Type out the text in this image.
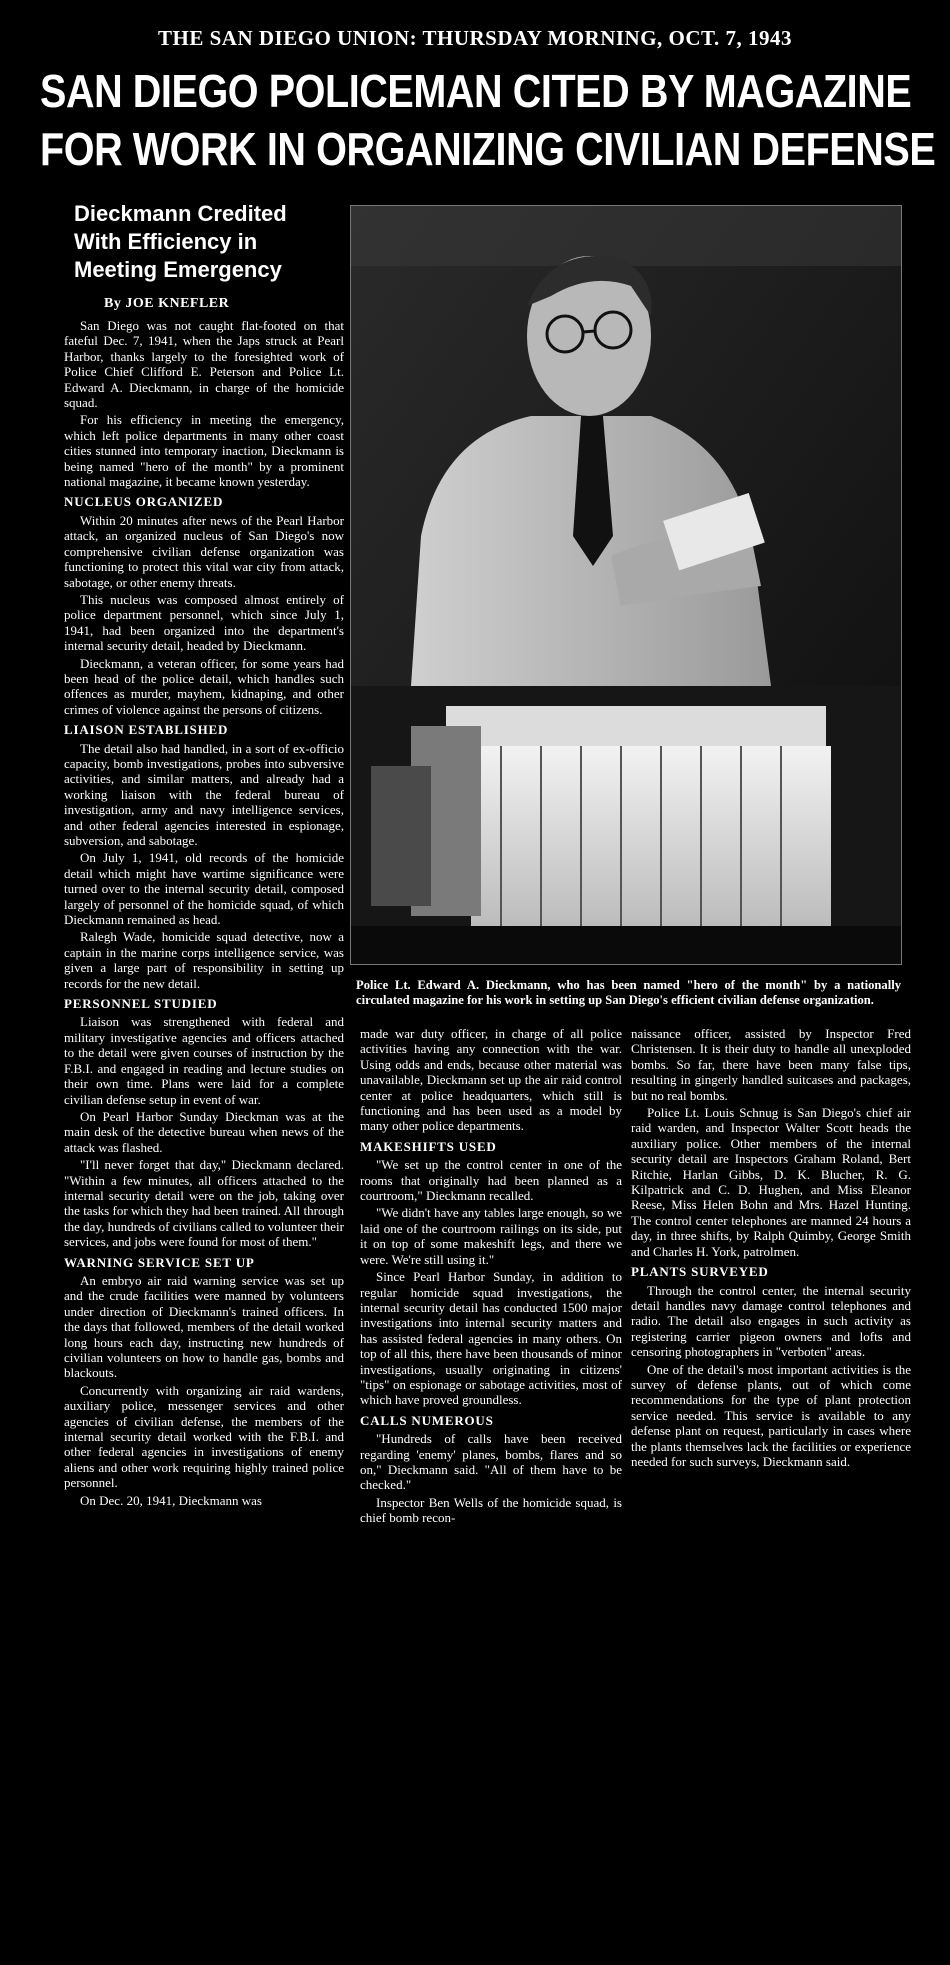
THE SAN DIEGO UNION: THURSDAY MORNING, OCT. 7, 1943
SAN DIEGO POLICEMAN CITED BY MAGAZINE
FOR WORK IN ORGANIZING CIVILIAN DEFENSE
Dieckmann Credited
With Efficiency in
Meeting Emergency
By JOE KNEFLER

San Diego was not caught flat-footed on that fateful Dec. 7, 1941, when the Japs struck at Pearl Harbor, thanks largely to the foresighted work of Police Chief Clifford E. Peterson and Police Lt. Edward A. Dieckmann, in charge of the homicide squad.

For his efficiency in meeting the emergency, which left police departments in many other coast cities stunned into temporary inaction, Dieckmann is being named "hero of the month" by a prominent national magazine, it became known yesterday.

NUCLEUS ORGANIZED

Within 20 minutes after news of the Pearl Harbor attack, an organized nucleus of San Diego's now comprehensive civilian defense organization was functioning to protect this vital war city from attack, sabotage, or other enemy threats.

This nucleus was composed almost entirely of police department personnel, which since July 1, 1941, had been organized into the department's internal security detail, headed by Dieckmann.

Dieckmann, a veteran officer, for some years had been head of the police detail, which handles such offences as murder, mayhem, kidnaping, and other crimes of violence against the persons of citizens.

LIAISON ESTABLISHED

The detail also had handled, in a sort of ex-officio capacity, bomb investigations, probes into subversive activities, and similar matters, and already had a working liaison with the federal bureau of investigation, army and navy intelligence services, and other federal agencies interested in espionage, subversion, and sabotage.

On July 1, 1941, old records of the homicide detail which might have wartime significance were turned over to the internal security detail, composed largely of personnel of the homicide squad, of which Dieckmann remained as head.

Ralegh Wade, homicide squad detective, now a captain in the marine corps intelligence service, was given a large part of responsibility in setting up records for the new detail.

PERSONNEL STUDIED

Liaison was strengthened with federal and military investigative agencies and officers attached to the detail were given courses of instruction by the F.B.I. and engaged in reading and lecture studies on their own time. Plans were laid for a complete civilian defense setup in event of war.

On Pearl Harbor Sunday Dieckman was at the main desk of the detective bureau when news of the attack was flashed.

"I'll never forget that day," Dieckmann declared. "Within a few minutes, all officers attached to the internal security detail were on the job, taking over the tasks for which they had been trained. All through the day, hundreds of civilians called to volunteer their services, and jobs were found for most of them."

WARNING SERVICE SET UP

An embryo air raid warning service was set up and the crude facilities were manned by volunteers under direction of Dieckmann's trained officers. In the days that followed, members of the detail worked long hours each day, instructing new hundreds of civilian volunteers on how to handle gas, bombs and blackouts.

Concurrently with organizing air raid wardens, auxiliary police, messenger services and other agencies of civilian defense, the members of the internal security detail worked with the F.B.I. and other federal agencies in investigations of enemy aliens and other work requiring highly trained police personnel.

On Dec. 20, 1941, Dieckmann was

Police Lt. Edward A. Dieckmann, who has been named "hero of the month" by a nationally circulated magazine for his work in setting up San Diego's efficient civilian defense organization.

made war duty officer, in charge of all police activities having any connection with the war. Using odds and ends, because other material was unavailable, Dieckmann set up the air raid control center at police headquarters, which still is functioning and has been used as a model by many other police departments.

MAKESHIFTS USED

"We set up the control center in one of the rooms that originally had been planned as a courtroom," Dieckmann recalled.

"We didn't have any tables large enough, so we laid one of the courtroom railings on its side, put it on top of some makeshift legs, and there we were. We're still using it."

Since Pearl Harbor Sunday, in addition to regular homicide squad investigations, the internal security detail has conducted 1500 major investigations into internal security matters and has assisted federal agencies in many others. On top of all this, there have been thousands of minor investigations, usually originating in citizens' "tips" on espionage or sabotage activities, most of which have proved groundless.

CALLS NUMEROUS

"Hundreds of calls have been received regarding 'enemy' planes, bombs, flares and so on," Dieckmann said. "All of them have to be checked."

Inspector Ben Wells of the homicide squad, is chief bomb recon-

naissance officer, assisted by Inspector Fred Christensen. It is their duty to handle all unexploded bombs. So far, there have been many false tips, resulting in gingerly handled suitcases and packages, but no real bombs.

Police Lt. Louis Schnug is San Diego's chief air raid warden, and Inspector Walter Scott heads the auxiliary police. Other members of the internal security detail are Inspectors Graham Roland, Bert Ritchie, Harlan Gibbs, D. K. Blucher, R. G. Kilpatrick and C. D. Hughen, and Miss Eleanor Reese, Miss Helen Bohn and Mrs. Hazel Hunting. The control center telephones are manned 24 hours a day, in three shifts, by Ralph Quimby, George Smith and Charles H. York, patrolmen.

PLANTS SURVEYED

Through the control center, the internal security detail handles navy damage control telephones and radio. The detail also engages in such activity as registering carrier pigeon owners and lofts and censoring photographers in "verboten" areas.

One of the detail's most important activities is the survey of defense plants, out of which come recommendations for the type of plant protection service needed. This service is available to any defense plant on request, particularly in cases where the plants themselves lack the facilities or experience needed for such surveys, Dieckmann said.
